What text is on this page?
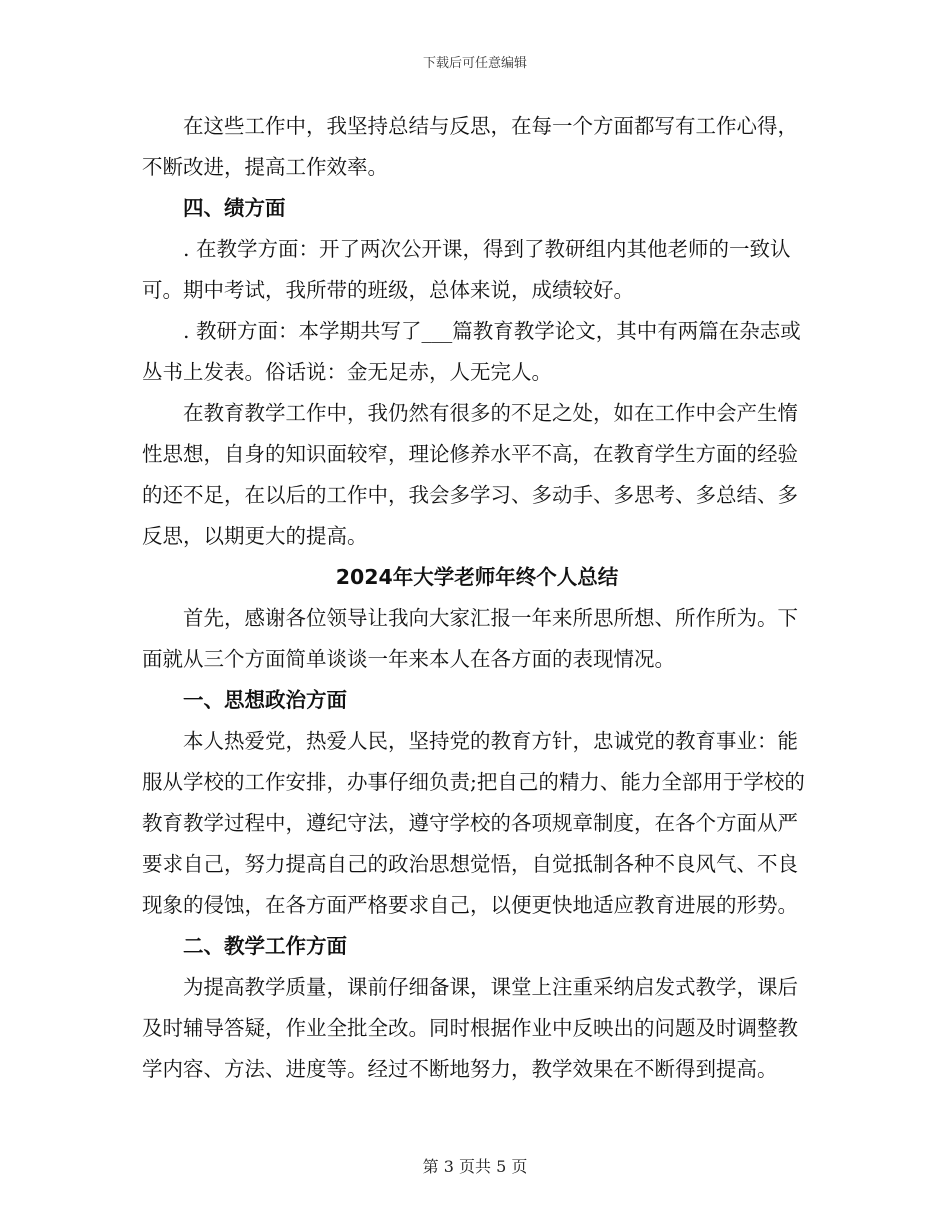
下载后可任意编辑

在这些工作中，我坚持总结与反思，在每一个方面都写有工作心得，不断改进，提高工作效率。

四、绩方面

. 在教学方面：开了两次公开课，得到了教研组内其他老师的一致认可。期中考试，我所带的班级，总体来说，成绩较好。

. 教研方面：本学期共写了___篇教育教学论文，其中有两篇在杂志或丛书上发表。俗话说：金无足赤，人无完人。

在教育教学工作中，我仍然有很多的不足之处，如在工作中会产生惰性思想，自身的知识面较窄，理论修养水平不高，在教育学生方面的经验的还不足，在以后的工作中，我会多学习、多动手、多思考、多总结、多反思，以期更大的提高。

2024年大学老师年终个人总结

首先，感谢各位领导让我向大家汇报一年来所思所想、所作所为。下面就从三个方面简单谈谈一年来本人在各方面的表现情况。

一、思想政治方面

本人热爱党，热爱人民，坚持党的教育方针，忠诚党的教育事业：能服从学校的工作安排，办事仔细负责;把自己的精力、能力全部用于学校的教育教学过程中，遵纪守法，遵守学校的各项规章制度，在各个方面从严要求自己，努力提高自己的政治思想觉悟，自觉抵制各种不良风气、不良现象的侵蚀，在各方面严格要求自己，以便更快地适应教育进展的形势。

二、教学工作方面

为提高教学质量，课前仔细备课，课堂上注重采纳启发式教学，课后及时辅导答疑，作业全批全改。同时根据作业中反映出的问题及时调整教学内容、方法、进度等。经过不断地努力，教学效果在不断得到提高。

第 3 页共 5 页
